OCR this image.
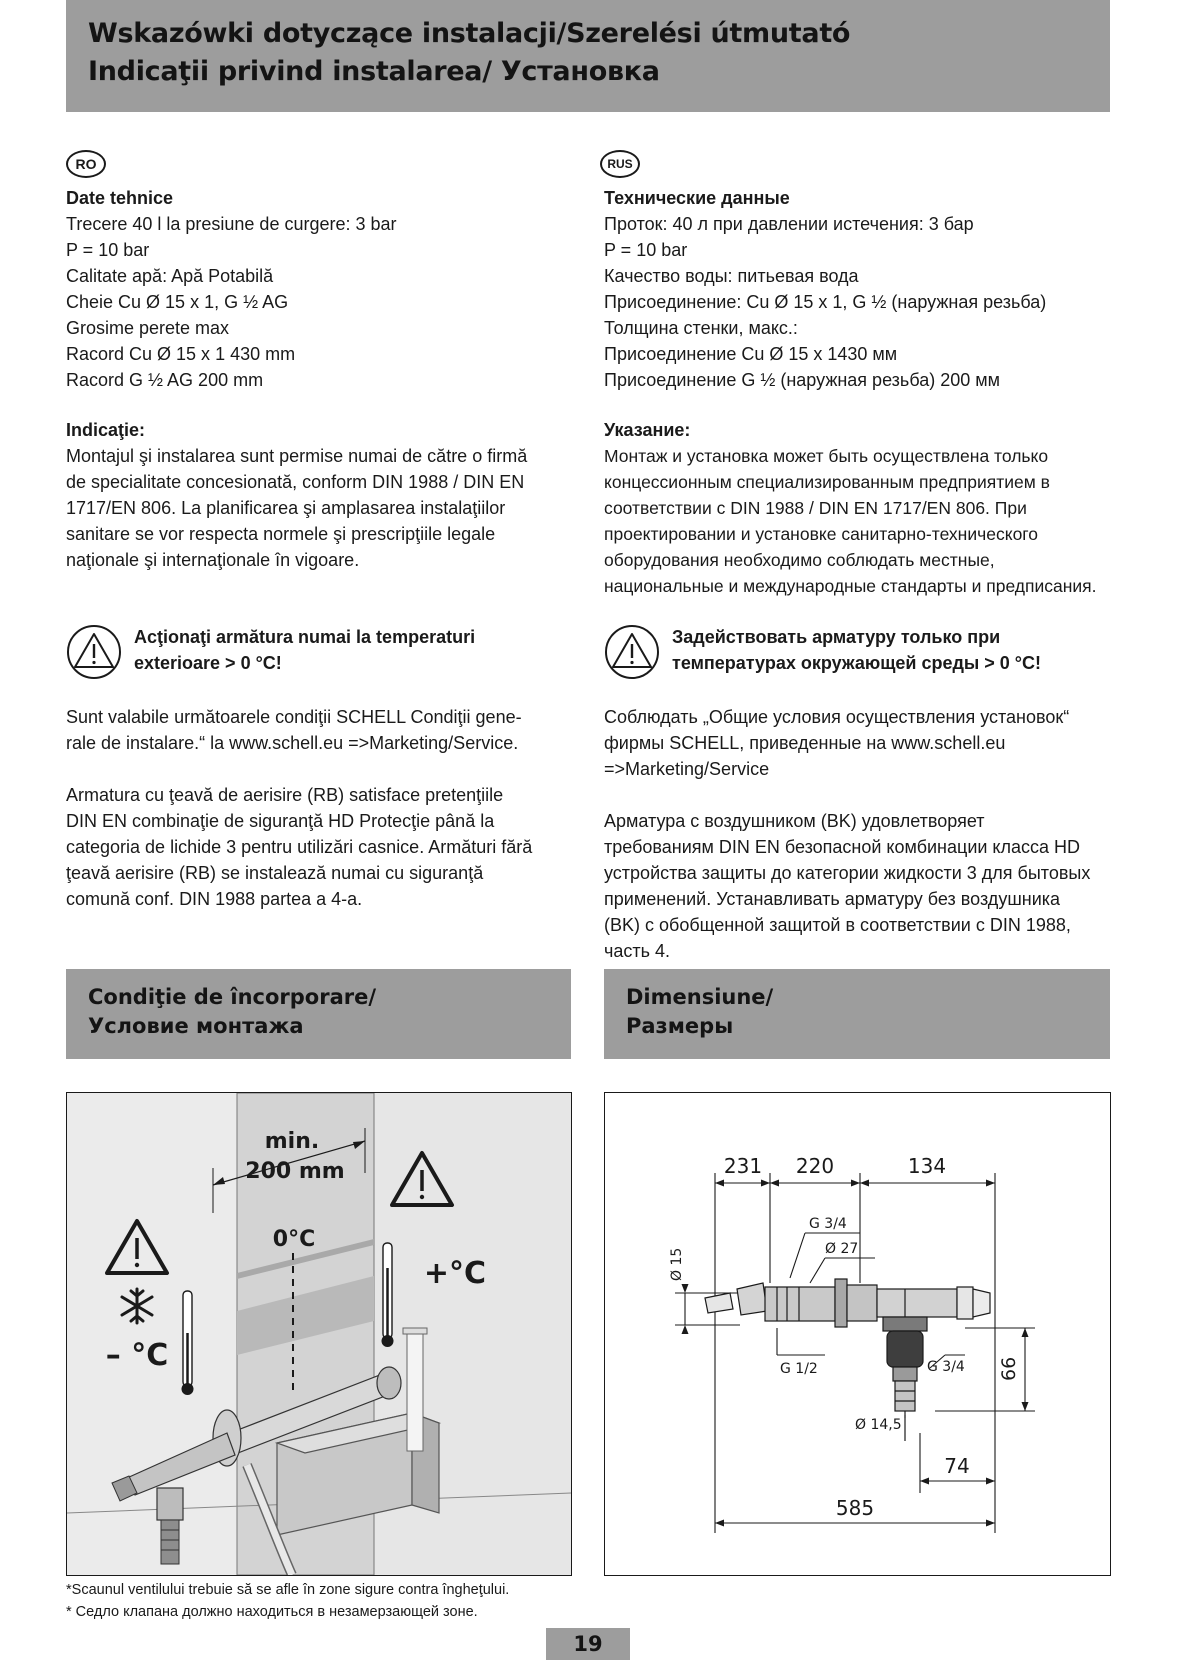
Wskazówki dotyczące instalacji/Szerelési útmutató
Indicaţii privind instalarea/ Установка
RO	RUS
Date tehnice
Trecere 40 l la presiune de curgere: 3 bar
P = 10 bar
Calitate apă: Apă Potabilă
Cheie Cu Ø 15 x 1, G ½ AG
Grosime perete max
Racord Cu Ø 15 x 1 430 mm
Racord G ½ AG 200 mm
Indicaţie:
Montajul şi instalarea sunt permise numai de către o firmă
de specialitate concesionată, conform DIN 1988 / DIN EN
1717/EN 806. La planificarea şi amplasarea instalaţiilor
sanitare se vor respecta normele şi prescripţiile legale
naţionale şi internaţionale în vigoare.
Acţionaţi armătura numai la temperaturi
exterioare > 0 °C!
Sunt valabile următoarele condiţii SCHELL Condiţii gene-
rale de instalare.“ la www.schell.eu =>Marketing/Service.
Armatura cu ţeavă de aerisire (RB) satisface pretenţiile
DIN EN combinaţie de siguranţă HD Protecţie până la
categoria de lichide 3 pentru utilizări casnice. Armături fără
ţeavă aerisire (RB) se instalează numai cu siguranţă
comună conf. DIN 1988 partea a 4-a.
Технические данные
Проток: 40 л при давлении истечения: 3 бар
P = 10 bar
Качество воды: питьевая вода
Присоединение: Cu Ø 15 x 1, G ½ (наружная резьба)
Толщина стенки, макс.:
Присоединение Cu Ø 15 x 1430 мм
Присоединение G ½ (наружная резьба) 200 мм
Указание:
Монтаж и установка может быть осуществлена только
концессионным специализированным предприятием в
соответствии с DIN 1988 / DIN EN 1717/EN 806. При
проектировании и установке санитарно-технического
оборудования необходимо соблюдать местные,
национальные и международные стандарты и предписания.
Задействовать арматуру только при
температурах окружающей среды > 0 °C!
Соблюдать „Общие условия осуществления установок“
фирмы SCHELL, приведенные на www.schell.eu
=>Marketing/Service
Арматура с воздушником (BK) удовлетворяет
требованиям DIN EN безопасной комбинации класса HD
устройства защиты до категории жидкости 3 для бытовых
применений. Устанавливать арматуру без воздушника
(BK) с обобщенной защитой в соответствии с DIN 1988,
часть 4.
Condiţie de încorporare/
Условие монтажа
Dimensiune/
Размеры
min.
200 mm
0°C
+°C
– °C
231 220	134
G 3/4
Ø 27
Ø 15
G 1/2	G 3/4 66
Ø 14,5
74
585
*Scaunul ventilului trebuie să se afle în zone sigure contra îngheţului.
* Седло клапана должно находиться в незамерзающей зоне.
19
